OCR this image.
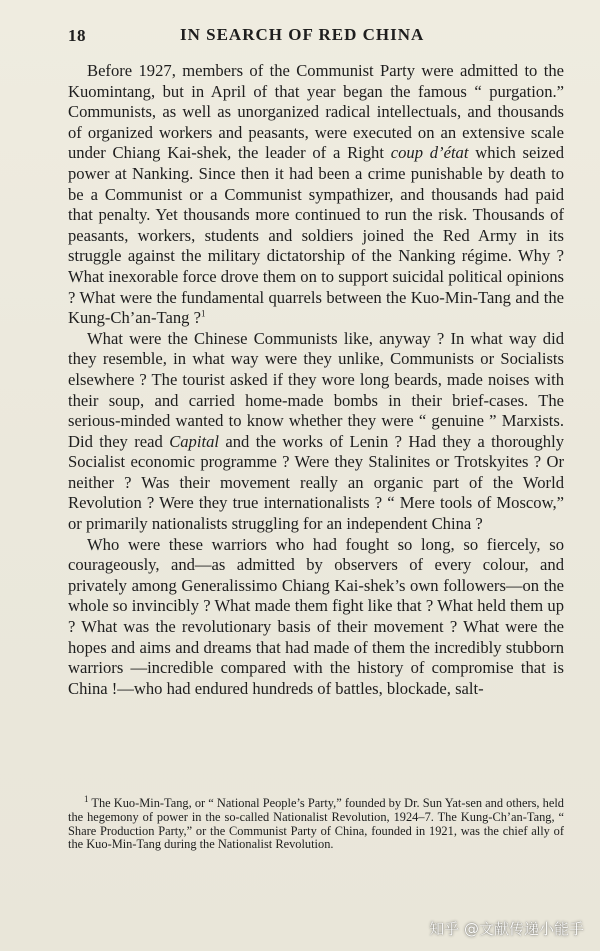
18	IN SEARCH OF RED CHINA

Before 1927, members of the Communist Party were admitted to the Kuomintang, but in April of that year began the famous “ purgation.” Communists, as well as unorganized radical intellectuals, and thousands of organized workers and peasants, were executed on an extensive scale under Chiang Kai-shek, the leader of a Right coup d’état which seized power at Nanking. Since then it had been a crime punishable by death to be a Communist or a Communist sympathizer, and thousands had paid that penalty. Yet thousands more continued to run the risk. Thousands of peasants, workers, students and soldiers joined the Red Army in its struggle against the military dictatorship of the Nanking régime. Why ? What inexorable force drove them on to support suicidal political opinions ? What were the fundamental quarrels between the Kuo-Min-Tang and the Kung-Ch’an-Tang ?$^1$

What were the Chinese Communists like, anyway ? In what way did they resemble, in what way were they unlike, Communists or Socialists elsewhere ? The tourist asked if they wore long beards, made noises with their soup, and carried home-made bombs in their brief-cases. The serious-minded wanted to know whether they were “ genuine ” Marxists. Did they read Capital and the works of Lenin ? Had they a thoroughly Socialist economic programme ? Were they Stalinites or Trotskyites ? Or neither ? Was their movement really an organic part of the World Revolution ? Were they true internationalists ? “ Mere tools of Moscow,” or primarily nationalists struggling for an independent China ?

Who were these warriors who had fought so long, so fiercely, so courageously, and—as admitted by observers of every colour, and privately among Generalissimo Chiang Kai-shek’s own followers—on the whole so invincibly ? What made them fight like that ? What held them up ? What was the revolutionary basis of their movement ? What were the hopes and aims and dreams that had made of them the incredibly stubborn warriors —incredible compared with the history of compromise that is China !—who had endured hundreds of battles, blockade, salt-

$^1$ The Kuo-Min-Tang, or “ National People’s Party,” founded by Dr. Sun Yat-sen and others, held the hegemony of power in the so-called Nationalist Revolution, 1924–7. The Kung-Ch’an-Tang, “ Share Production Party,” or the Communist Party of China, founded in 1921, was the chief ally of the Kuo-Min-Tang during the Nationalist Revolution.
知乎 @文献传递小能手
